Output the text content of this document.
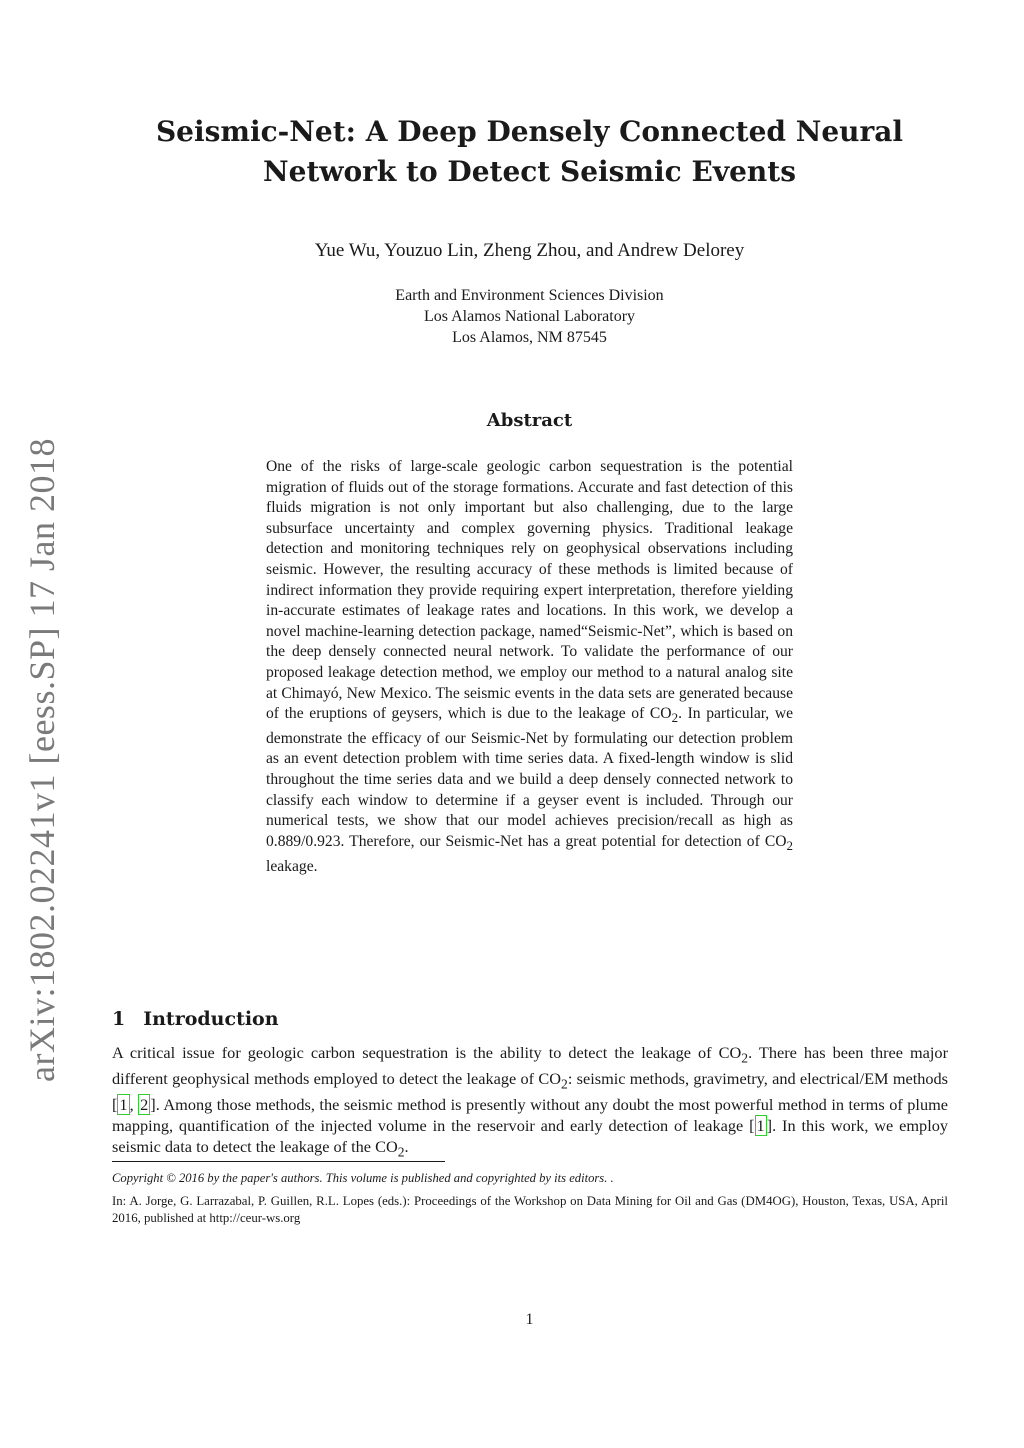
arXiv:1802.02241v1 [eess.SP] 17 Jan 2018
Seismic-Net: A Deep Densely Connected Neural
Network to Detect Seismic Events
Yue Wu, Youzuo Lin, Zheng Zhou, and Andrew Delorey
Earth and Environment Sciences Division
Los Alamos National Laboratory
Los Alamos, NM 87545
Abstract
One of the risks of large-scale geologic carbon sequestration is the potential migration of fluids out of the storage formations. Accurate and fast detection of this fluids migration is not only important but also challenging, due to the large subsurface uncertainty and complex governing physics. Traditional leakage detection and monitoring techniques rely on geophysical observations including seismic. However, the resulting accuracy of these methods is limited because of indirect information they provide requiring expert interpretation, therefore yielding in-accurate estimates of leakage rates and locations. In this work, we develop a novel machine-learning detection package, named“Seismic-Net”, which is based on the deep densely connected neural network. To validate the performance of our proposed leakage detection method, we employ our method to a natural analog site at Chimayó, New Mexico. The seismic events in the data sets are generated because of the eruptions of geysers, which is due to the leakage of $CO_2$. In particular, we demonstrate the efficacy of our Seismic-Net by formulating our detection problem as an event detection problem with time series data. A fixed-length window is slid throughout the time series data and we build a deep densely connected network to classify each window to determine if a geyser event is included. Through our numerical tests, we show that our model achieves precision/recall as high as 0.889/0.923. Therefore, our Seismic-Net has a great potential for detection of $CO_2$ leakage.
1 Introduction
A critical issue for geologic carbon sequestration is the ability to detect the leakage of $CO_2$. There has been three major different geophysical methods employed to detect the leakage of $CO_2$: seismic methods, gravimetry, and electrical/EM methods [ 1 , 2 ]. Among those methods, the seismic method is presently without any doubt the most powerful method in terms of plume mapping, quantification of the injected volume in the reservoir and early detection of leakage [ 1 ]. In this work, we employ seismic data to detect the leakage of the $CO_2$.
Copyright © 2016 by the paper's authors. This volume is published and copyrighted by its editors. .
In: A. Jorge, G. Larrazabal, P. Guillen, R.L. Lopes (eds.): Proceedings of the Workshop on Data Mining for Oil and Gas (DM4OG), Houston, Texas, USA, April 2016, published at http://ceur-ws.org
1
